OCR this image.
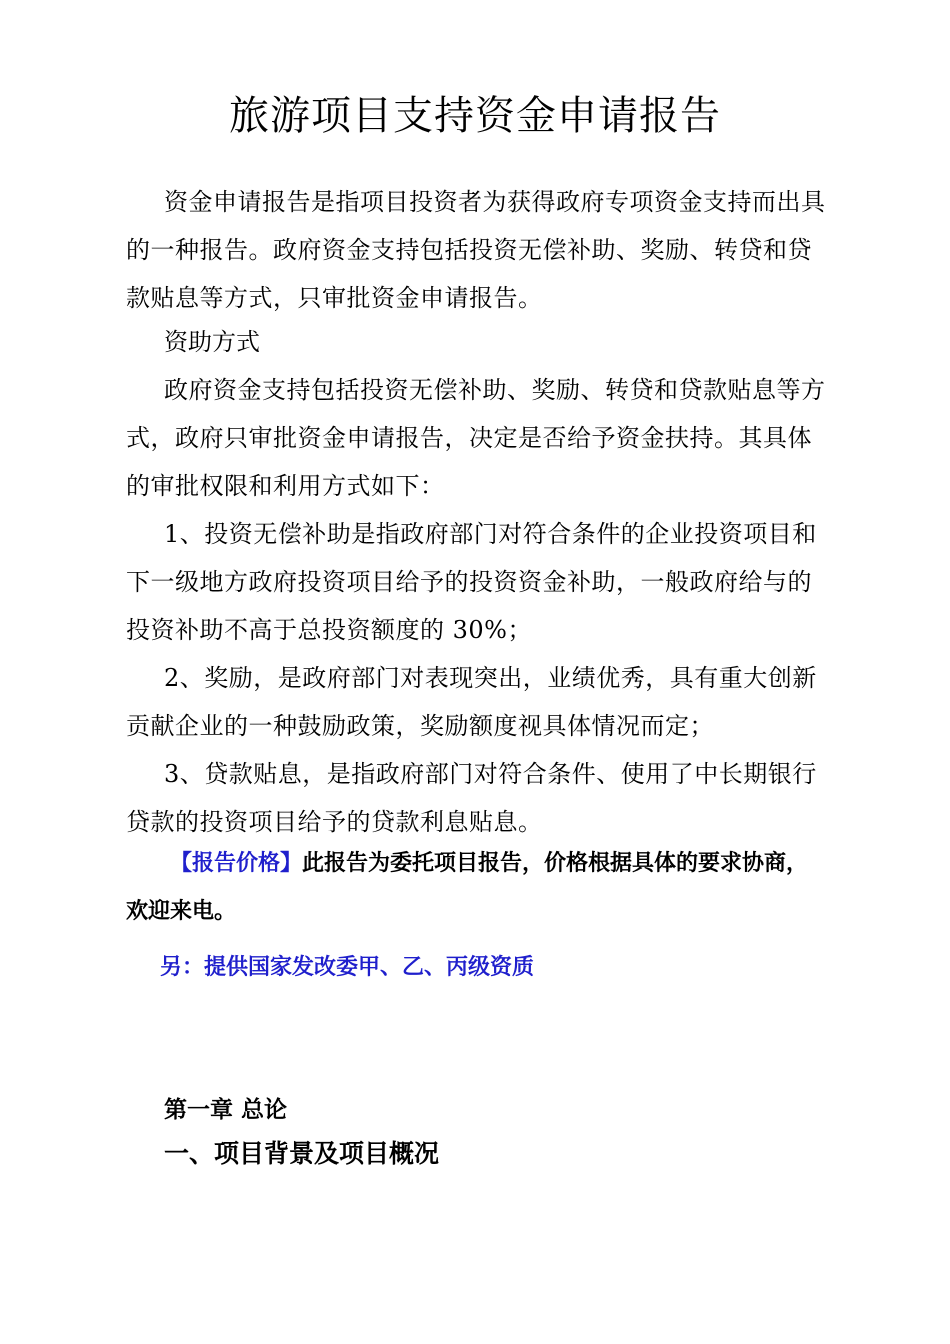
旅游项目支持资金申请报告

资金申请报告是指项目投资者为获得政府专项资金支持而出具的一种报告。政府资金支持包括投资无偿补助、奖励、转贷和贷款贴息等方式，只审批资金申请报告。

资助方式

政府资金支持包括投资无偿补助、奖励、转贷和贷款贴息等方式，政府只审批资金申请报告，决定是否给予资金扶持。其具体的审批权限和利用方式如下：

1、投资无偿补助是指政府部门对符合条件的企业投资项目和下一级地方政府投资项目给予的投资资金补助，一般政府给与的投资补助不高于总投资额度的 30%；

2、奖励，是政府部门对表现突出，业绩优秀，具有重大创新贡献企业的一种鼓励政策，奖励额度视具体情况而定；

3、贷款贴息，是指政府部门对符合条件、使用了中长期银行贷款的投资项目给予的贷款利息贴息。

【报告价格】此报告为委托项目报告，价格根据具体的要求协商，

欢迎来电。

另：提供国家发改委甲、乙、丙级资质

第一章 总论

一、项目背景及项目概况
